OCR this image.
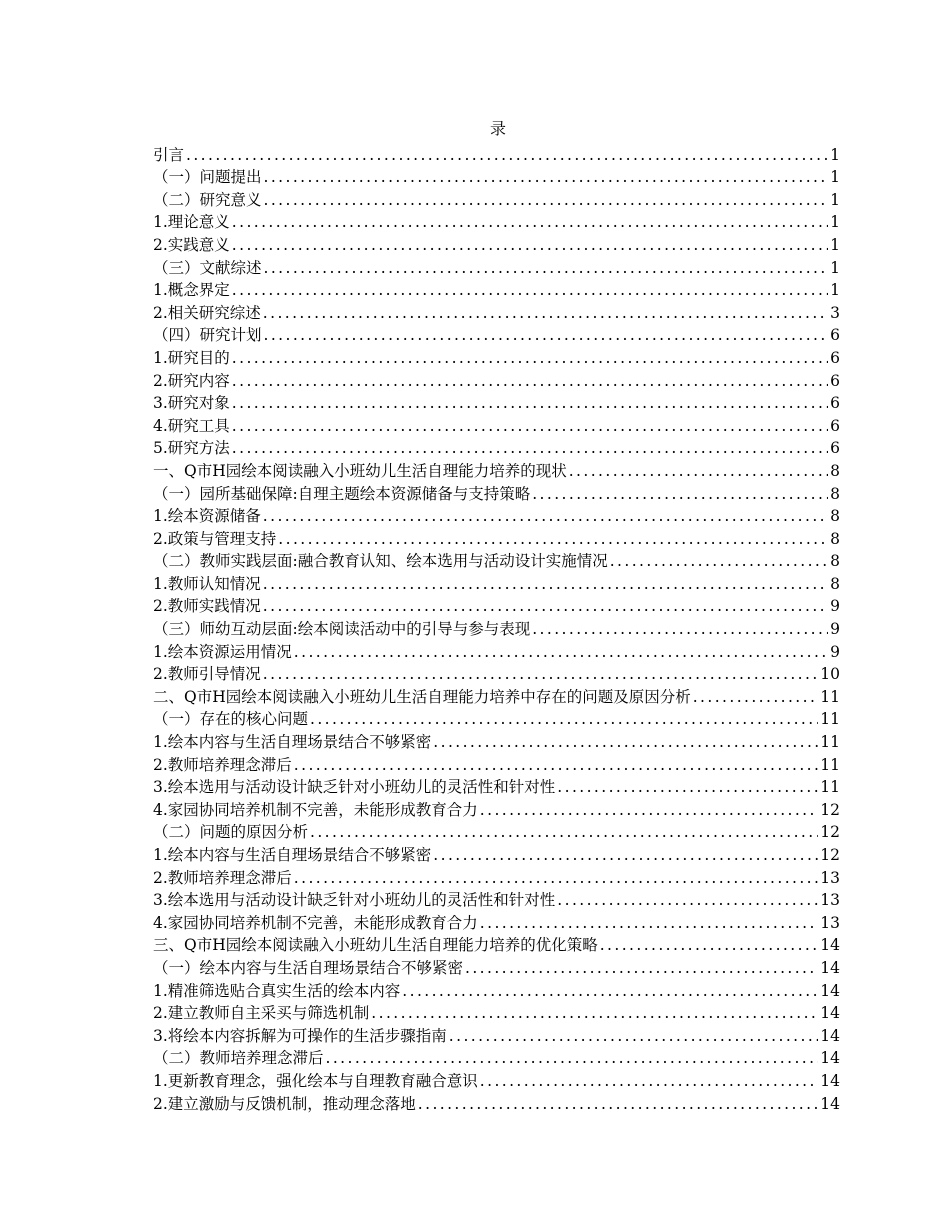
录
引言 .....	1
（一）问题提出 .....	1
（二）研究意义 .....	1
1.理论意义 .....	1
2.实践意义 .....	1
（三）文献综述 .....	1
1.概念界定 .....	1
2.相关研究综述 .....	3
（四）研究计划 .....	6
1.研究目的 .....	6
2.研究内容 .....	6
3.研究对象 .....	6
4.研究工具 .....	6
5.研究方法 .....	6
一、Q市H园绘本阅读融入小班幼儿生活自理能力培养的现状 .....	8
（一）园所基础保障:自理主题绘本资源储备与支持策略 .....	8
1.绘本资源储备 .....	8
2.政策与管理支持 .....	8
（二）教师实践层面:融合教育认知、绘本选用与活动设计实施情况 .....	8
1.教师认知情况 .....	8
2.教师实践情况 .....	9
（三）师幼互动层面:绘本阅读活动中的引导与参与表现 .....	9
1.绘本资源运用情况 .....	9
2.教师引导情况 .....	10
二、Q市H园绘本阅读融入小班幼儿生活自理能力培养中存在的问题及原因分析 .....	11
（一）存在的核心问题 .....	11
1.绘本内容与生活自理场景结合不够紧密 .....	11
2.教师培养理念滞后 .....	11
3.绘本选用与活动设计缺乏针对小班幼儿的灵活性和针对性 .....	11
4.家园协同培养机制不完善，未能形成教育合力 .....	12
（二）问题的原因分析 .....	12
1.绘本内容与生活自理场景结合不够紧密 .....	12
2.教师培养理念滞后 .....	13
3.绘本选用与活动设计缺乏针对小班幼儿的灵活性和针对性 .....	13
4.家园协同培养机制不完善，未能形成教育合力 .....	13
三、Q市H园绘本阅读融入小班幼儿生活自理能力培养的优化策略 .....	14
（一）绘本内容与生活自理场景结合不够紧密 .....	14
1.精准筛选贴合真实生活的绘本内容 .....	14
2.建立教师自主采买与筛选机制 .....	14
3.将绘本内容拆解为可操作的生活步骤指南 .....	14
（二）教师培养理念滞后 .....	14
1.更新教育理念，强化绘本与自理教育融合意识 .....	14
2.建立激励与反馈机制，推动理念落地 .....	14
